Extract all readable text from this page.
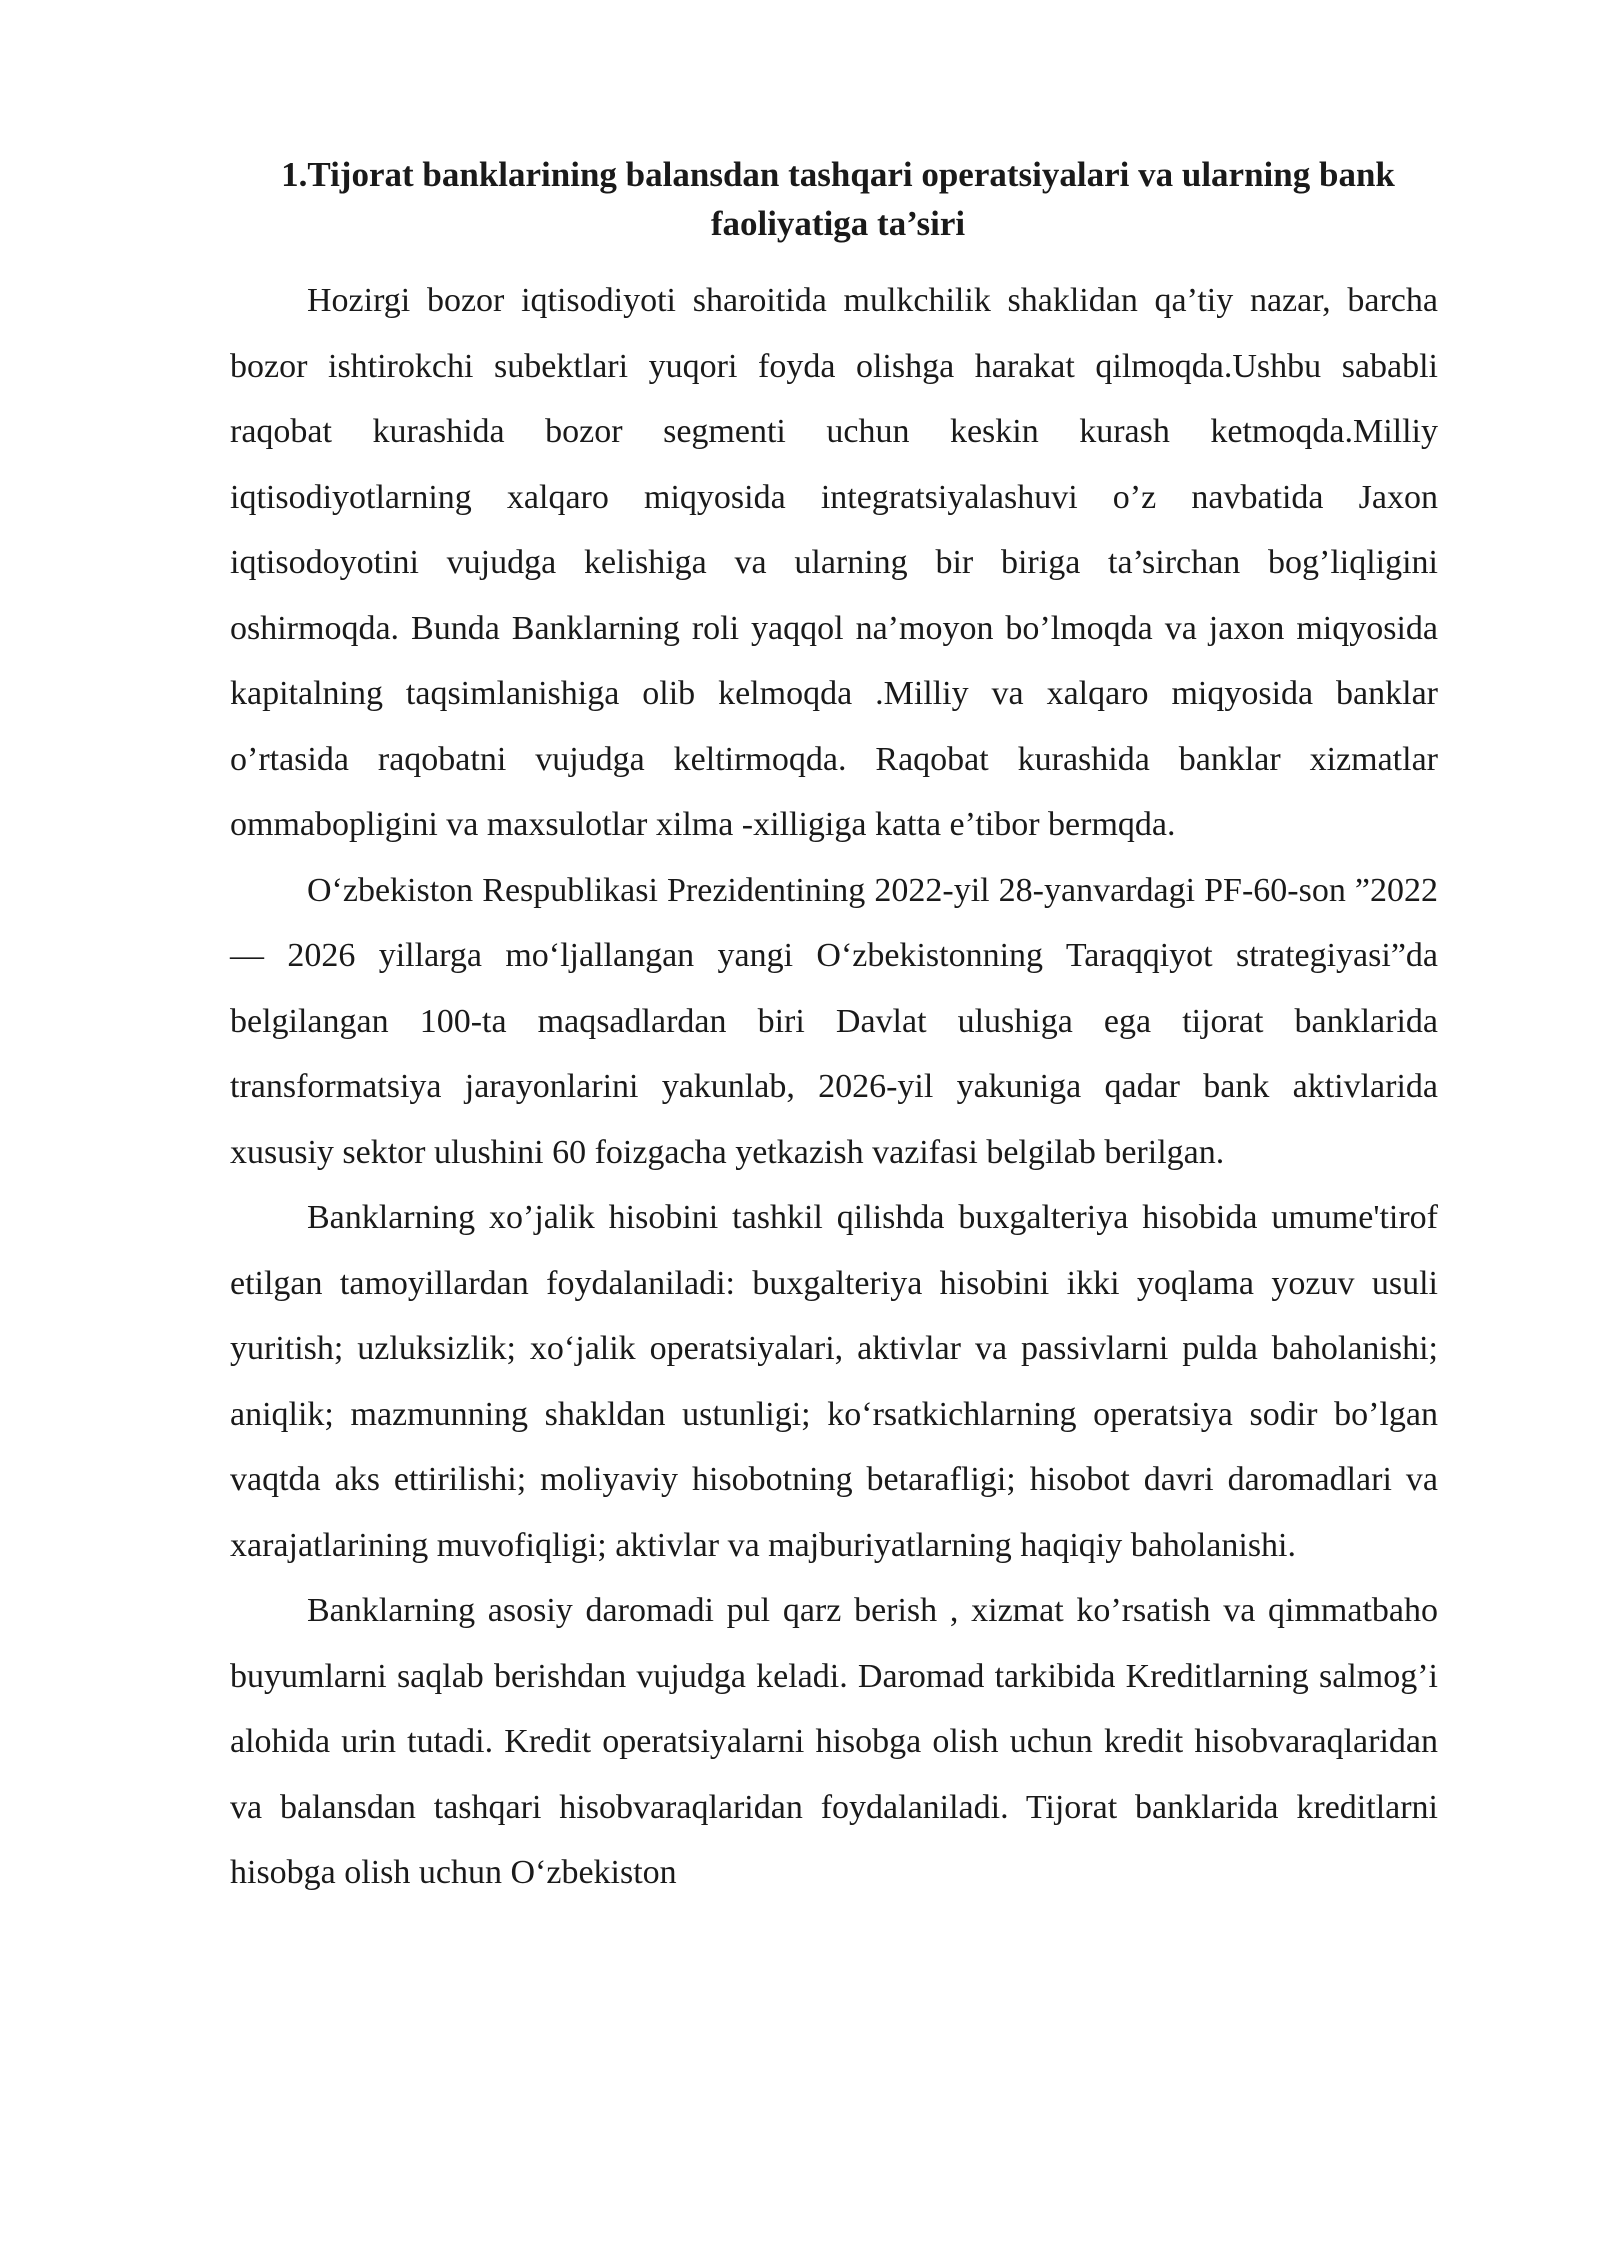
1.Tijorat banklarining balansdan tashqari operatsiyalari va ularning bank
faoliyatiga ta’siri

Hozirgi bozor iqtisodiyoti sharoitida mulkchilik shaklidan qa’tiy nazar, barcha bozor ishtirokchi subektlari yuqori foyda olishga harakat qilmoqda.Ushbu sababli raqobat kurashida bozor segmenti uchun keskin kurash ketmoqda.Milliy iqtisodiyotlarning xalqaro miqyosida integratsiyalashuvi o’z navbatida Jaxon iqtisodoyotini vujudga kelishiga va ularning bir biriga ta’sirchan bog’liqligini oshirmoqda. Bunda Banklarning roli yaqqol na’moyon bo’lmoqda va jaxon miqyosida kapitalning taqsimlanishiga olib kelmoqda .Milliy va xalqaro miqyosida banklar o’rtasida raqobatni vujudga keltirmoqda. Raqobat kurashida banklar xizmatlar ommabopligini va maxsulotlar xilma -xilligiga katta e’tibor bermqda.

O‘zbekiston Respublikasi Prezidentining 2022-yil 28-yanvardagi PF-60-son ”2022 — 2026 yillarga mo‘ljallangan yangi O‘zbekistonning Taraqqiyot strategiyasi”da belgilangan 100-ta maqsadlardan biri Davlat ulushiga ega tijorat banklarida transformatsiya jarayonlarini yakunlab, 2026-yil yakuniga qadar bank aktivlarida xususiy sektor ulushini 60 foizgacha yetkazish vazifasi belgilab berilgan.

Banklarning xo’jalik hisobini tashkil qilishda buxgalteriya hisobida umume'tirof etilgan tamoyillardan foydalaniladi: buxgalteriya hisobini ikki yoqlama yozuv usuli yuritish; uzluksizlik; xo‘jalik operatsiyalari, aktivlar va passivlarni pulda baholanishi; aniqlik; mazmunning shakldan ustunligi; ko‘rsatkichlarning operatsiya sodir bo’lgan vaqtda aks ettirilishi; moliyaviy hisobotning betarafligi; hisobot davri daromadlari va xarajatlarining muvofiqligi; aktivlar va majburiyatlarning haqiqiy baholanishi.

Banklarning asosiy daromadi pul qarz berish , xizmat ko’rsatish va qimmatbaho buyumlarni saqlab berishdan vujudga keladi. Daromad tarkibida Kreditlarning salmog’i alohida urin tutadi. Kredit operatsiyalarni hisobga olish uchun kredit hisobvaraqlaridan va balansdan tashqari hisobvaraqlaridan foydalaniladi. Tijorat banklarida kreditlarni hisobga olish uchun O‘zbekiston
